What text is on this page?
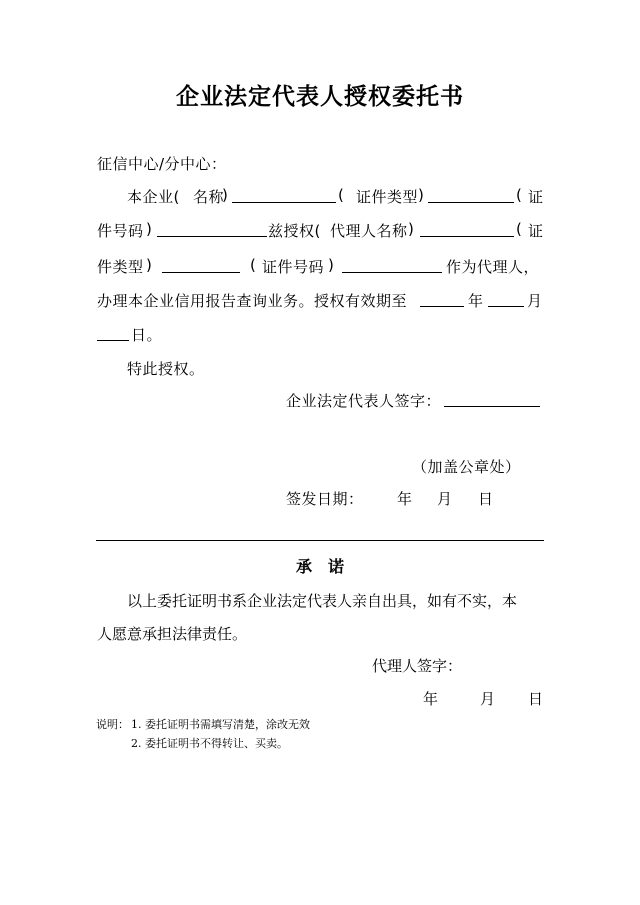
企业法定代表人授权委托书
征信中心/分中心：
本企业( 名称
)	( 证件类型 )	( 证
件号码 )	兹授权( 代理人名称 )	( 证
件类型 )	( 证件号码 )	作为代理人，
办理本企业信用报告查询业务。授权有效期至	年	月
日。
特此授权。
企业法定代表人签字：
（加盖公章处）
签发日期： 年 月 日
承　诺
以上委托证明书系企业法定代表人亲自出具，如有不实，本
人愿意承担法律责任。
代理人签字：
年	月 日
说明： 1. 委托证明书需填写清楚，涂改无效
2. 委托证明书不得转让、买卖。
